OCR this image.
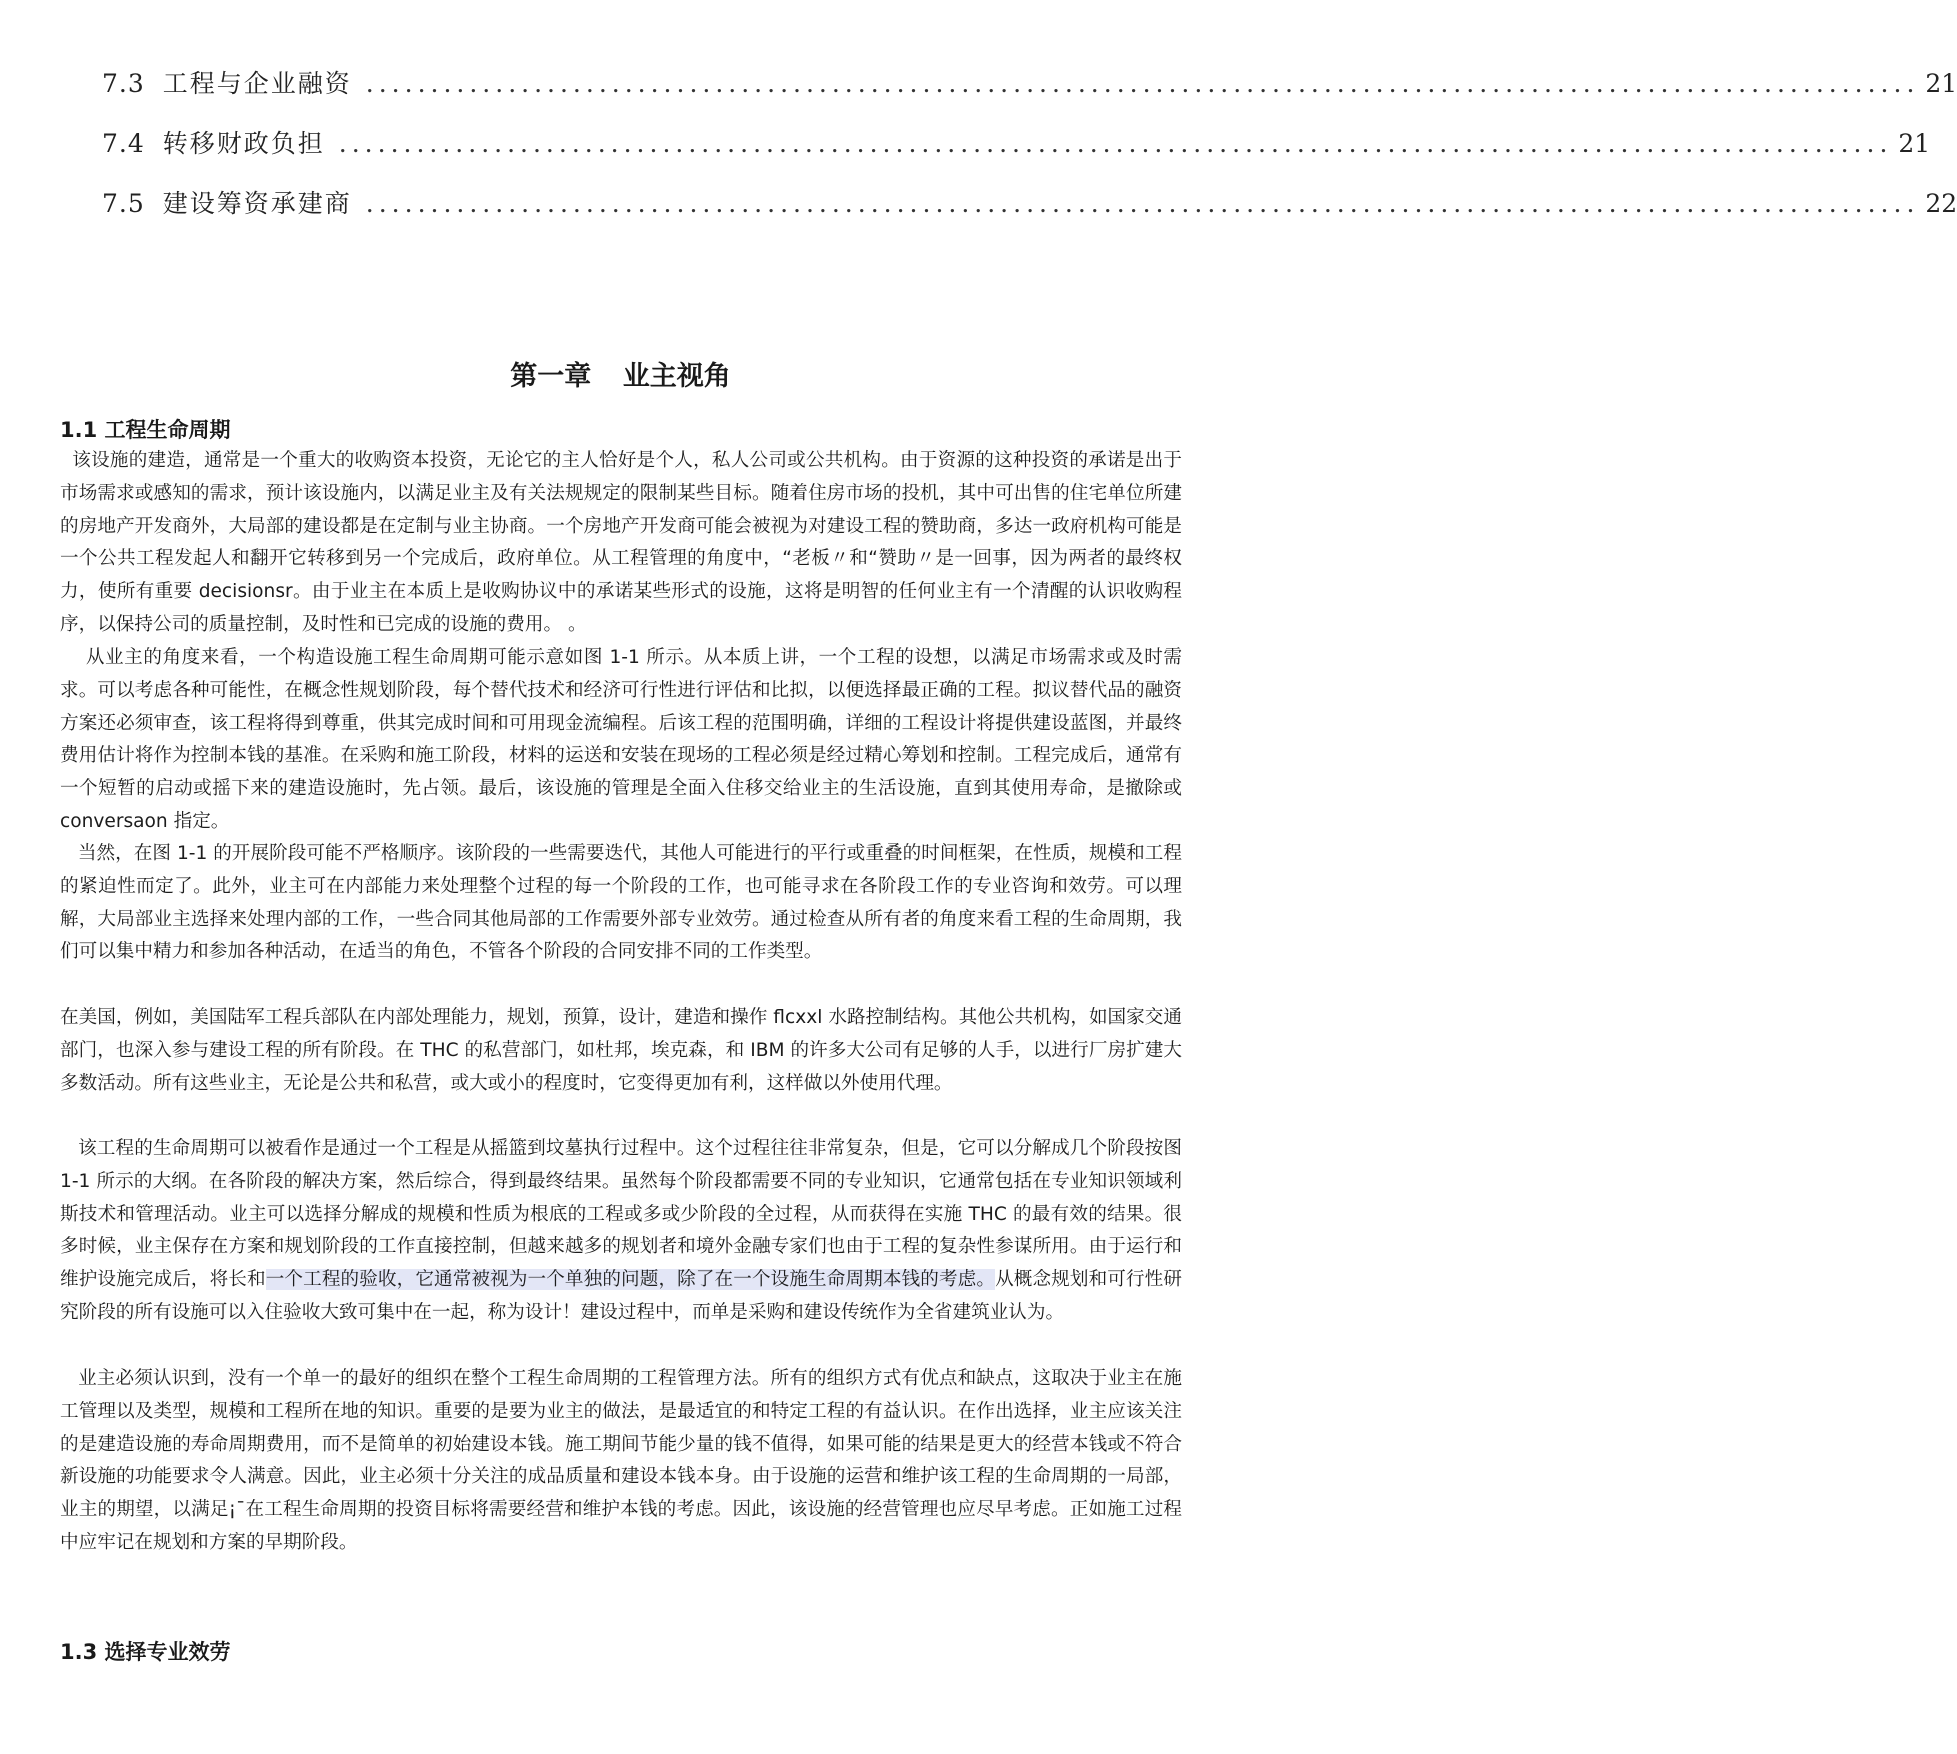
7.3 工程与企业融资 ........................................................................................................................ 21
7.4 转移财政负担 ........................................................................................................................ 21
7.5 建设筹资承建商 ........................................................................................................................ 22
第一章 业主视角
1.1 工程生命周期

该设施的建造，通常是一个重大的收购资本投资，无论它的主人恰好是个人，私人公司或公共机构。由于资源的这种投资的承诺是出于市场需求或感知的需求，预计该设施内，以满足业主及有关法规规定的限制某些目标。随着住房市场的投机，其中可出售的住宅单位所建的房地产开发商外，大局部的建设都是在定制与业主协商。一个房地产开发商可能会被视为对建设工程的赞助商，多达一政府机构可能是一个公共工程发起人和翻开它转移到另一个完成后，政府单位。从工程管理的角度中，“老板〃和“赞助〃是一回事，因为两者的最终权力，使所有重要 decisionsr。由于业主在本质上是收购协议中的承诺某些形式的设施，这将是明智的任何业主有一个清醒的认识收购程序，以保持公司的质量控制，及时性和已完成的设施的费用。 。

从业主的角度来看，一个构造设施工程生命周期可能示意如图 1-1 所示。从本质上讲，一个工程的设想，以满足市场需求或及时需求。可以考虑各种可能性，在概念性规划阶段，每个替代技术和经济可行性进行评估和比拟，以便选择最正确的工程。拟议替代品的融资方案还必须审查，该工程将得到尊重，供其完成时间和可用现金流编程。后该工程的范围明确，详细的工程设计将提供建设蓝图，并最终费用估计将作为控制本钱的基准。在采购和施工阶段，材料的运送和安装在现场的工程必须是经过精心筹划和控制。工程完成后，通常有一个短暂的启动或摇下来的建造设施时，先占领。最后，该设施的管理是全面入住移交给业主的生活设施，直到其使用寿命，是撤除或 conversaon 指定。

当然，在图 1-1 的开展阶段可能不严格顺序。该阶段的一些需要迭代，其他人可能进行的平行或重叠的时间框架，在性质，规模和工程的紧迫性而定了。此外，业主可在内部能力来处理整个过程的每一个阶段的工作，也可能寻求在各阶段工作的专业咨询和效劳。可以理解，大局部业主选择来处理内部的工作，一些合同其他局部的工作需要外部专业效劳。通过检查从所有者的角度来看工程的生命周期，我们可以集中精力和参加各种活动，在适当的角色，不管各个阶段的合同安排不同的工作类型。

在美国，例如，美国陆军工程兵部队在内部处理能力，规划，预算，设计，建造和操作 flcxxl 水路控制结构。其他公共机构，如国家交通部门，也深入参与建设工程的所有阶段。在 THC 的私营部门，如杜邦，埃克森，和 IBM 的许多大公司有足够的人手，以进行厂房扩建大多数活动。所有这些业主，无论是公共和私营，或大或小的程度时，它变得更加有利，这样做以外使用代理。

该工程的生命周期可以被看作是通过一个工程是从摇篮到坟墓执行过程中。这个过程往往非常复杂，但是，它可以分解成几个阶段按图 1-1 所示的大纲。在各阶段的解决方案，然后综合，得到最终结果。虽然每个阶段都需要不同的专业知识，它通常包括在专业知识领域利斯技术和管理活动。业主可以选择分解成的规模和性质为根底的工程或多或少阶段的全过程，从而获得在实施 THC 的最有效的结果。很多时候，业主保存在方案和规划阶段的工作直接控制，但越来越多的规划者和境外金融专家们也由于工程的复杂性参谋所用。由于运行和维护设施完成后，将长和一个工程的验收，它通常被视为一个单独的问题，除了在一个设施生命周期本钱的考虑。从概念规划和可行性研究阶段的所有设施可以入住验收大致可集中在一起，称为设计！建设过程中，而单是采购和建设传统作为全省建筑业认为。

业主必须认识到，没有一个单一的最好的组织在整个工程生命周期的工程管理方法。所有的组织方式有优点和缺点，这取决于业主在施工管理以及类型，规模和工程所在地的知识。重要的是要为业主的做法，是最适宜的和特定工程的有益认识。在作出选择，业主应该关注的是建造设施的寿命周期费用，而不是简单的初始建设本钱。施工期间节能少量的钱不值得，如果可能的结果是更大的经营本钱或不符合新设施的功能要求令人满意。因此，业主必须十分关注的成品质量和建设本钱本身。由于设施的运营和维护该工程的生命周期的一局部，业主的期望，以满足¡¯在工程生命周期的投资目标将需要经营和维护本钱的考虑。因此，该设施的经营管理也应尽早考虑。正如施工过程中应牢记在规划和方案的早期阶段。

1.3 选择专业效劳
